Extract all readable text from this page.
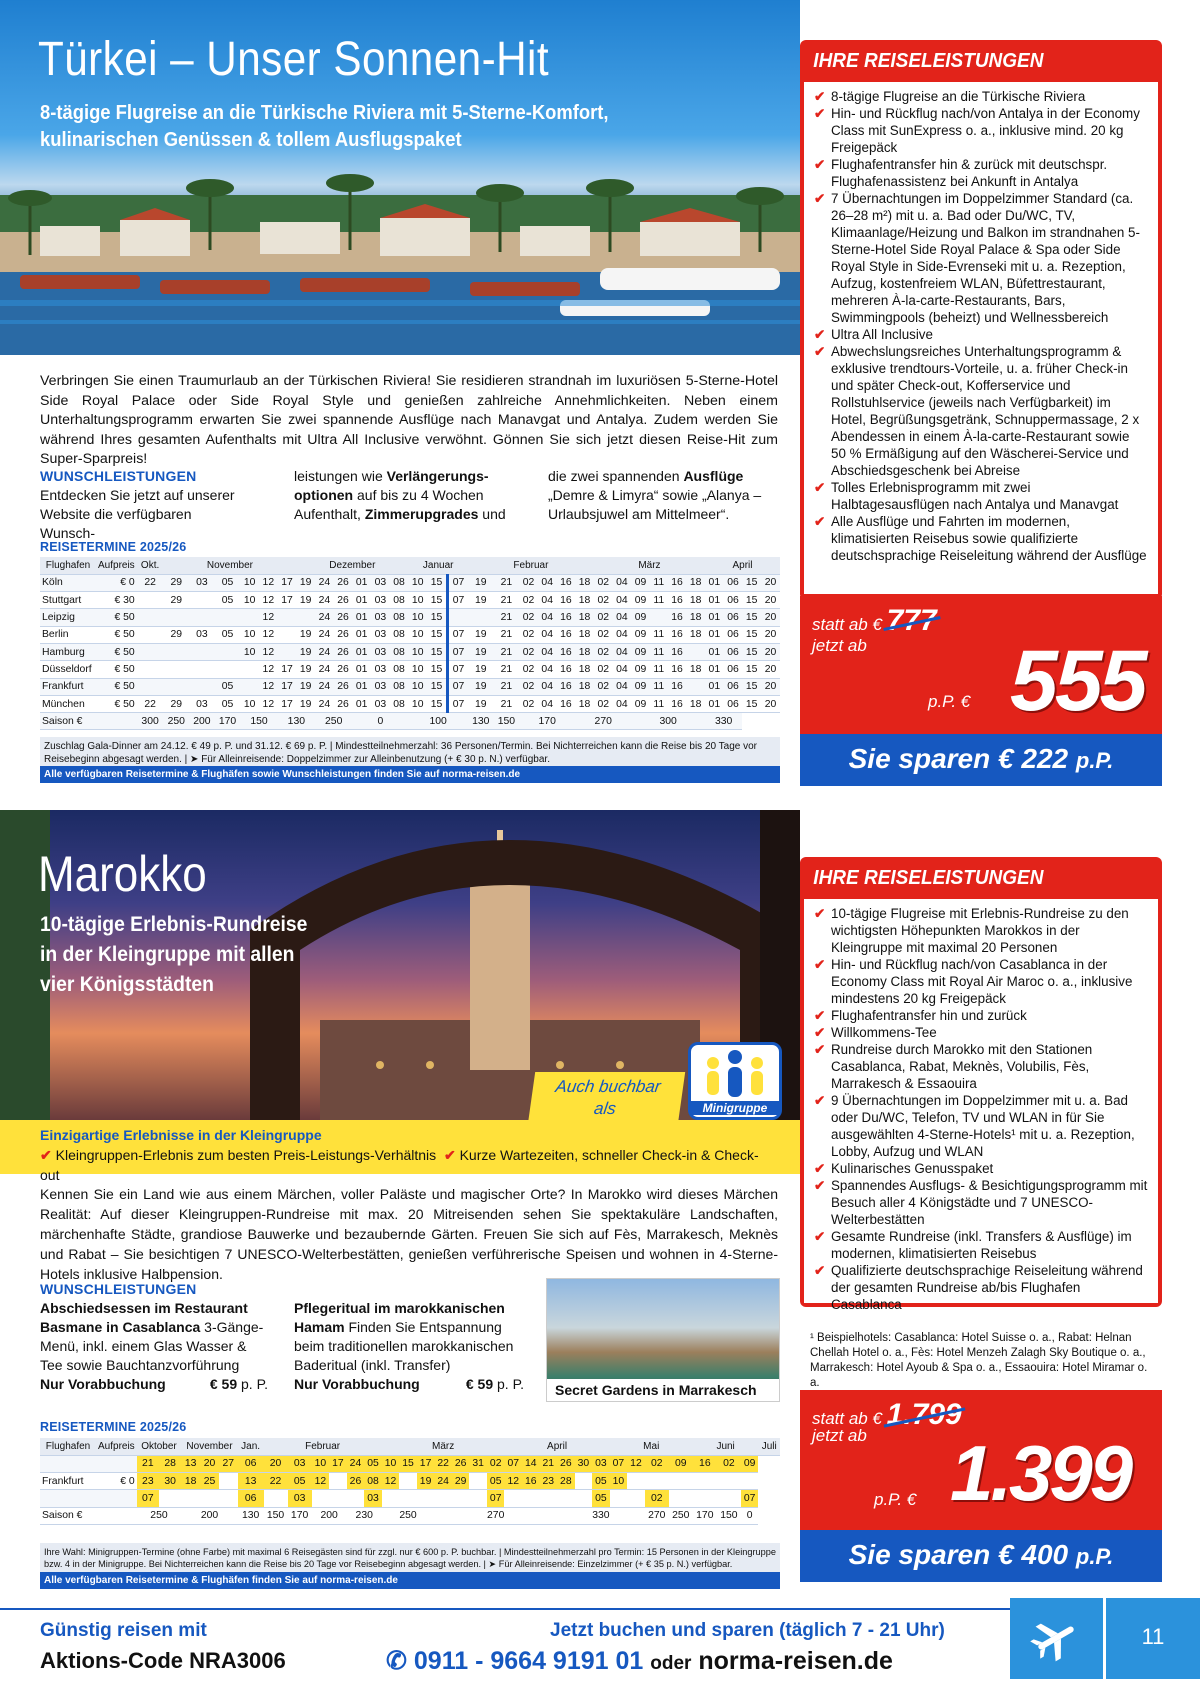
Türkei – Unser Sonnen-Hit
8-tägige Flugreise an die Türkische Riviera mit 5-Sterne-Komfort,
kulinarischen Genüssen & tollem Ausflugspaket
Verbringen Sie einen Traumurlaub an der Türkischen Riviera! Sie residieren strandnah im luxuriösen 5-Sterne-Hotel Side Royal Palace oder Side Royal Style und genießen zahlreiche Annehmlichkeiten. Neben einem Unterhaltungsprogramm erwarten Sie zwei spannende Ausflüge nach Manavgat und Antalya. Zudem werden Sie während Ihres gesamten Aufenthalts mit Ultra All Inclusive verwöhnt. Gönnen Sie sich jetzt diesen Reise-Hit zum Super-Sparpreis!
WUNSCHLEISTUNGEN
Entdecken Sie jetzt auf unserer Website die verfügbaren Wunsch-
leistungen wie Verlängerungs-optionen auf bis zu 4 Wochen Aufenthalt, Zimmerupgrades und
die zwei spannenden Ausflüge „Demre & Limyra“ sowie „Alanya – Urlaubsjuwel am Mittelmeer“.
REISETERMINE 2025/26
Flughafen	Aufpreis	Okt.	November						Dezember						Januar			Februar						März						April			
Köln	€ 0	22	29	03	05	10	12	17	19	24	26	01	03	08	10	15	07	19	21	02	04	16	18	02	04	09	11	16	18	01	06	15	20
Stuttgart	€ 30		29		05	10	12	17	19	24	26	01	03	08	10	15	07	19	21	02	04	16	18	02	04	09	11	16	18	01	06	15	20
Leipzig	€ 50						12			24	26	01	03	08	10	15			21	02	04	16	18	02	04	09		16	18	01	06	15	20
Berlin	€ 50		29	03	05	10	12		19	24	26	01	03	08	10	15	07	19	21	02	04	16	18	02	04	09	11	16	18	01	06	15	20
Hamburg	€ 50					10	12		19	24	26	01	03	08	10	15	07	19	21	02	04	16	18	02	04	09	11	16		01	06	15	20
Düsseldorf	€ 50						12	17	19	24	26	01	03	08	10	15	07	19	21	02	04	16	18	02	04	09	11	16	18	01	06	15	20
Frankfurt	€ 50				05		12	17	19	24	26	01	03	08	10	15	07	19	21	02	04	16	18	02	04	09	11	16		01	06	15	20
München	€ 50	22	29	03	05	10	12	17	19	24	26	01	03	08	10	15	07	19	21	02	04	16	18	02	04	09	11	16	18	01	06	15	20
Saison €		300	250	200	170	150		130		250		0			100			130	150	170			270			300				330			
Zuschlag Gala-Dinner am 24.12. € 49 p. P. und 31.12. € 69 p. P. | Mindestteilnehmerzahl: 36 Personen/Termin. Bei Nichterreichen kann die Reise bis 20 Tage vor Reisebeginn abgesagt werden. | ➤ Für Alleinreisende: Doppelzimmer zur Alleinbenutzung (+ € 30 p. N.) verfügbar.
Alle verfügbaren Reisetermine & Flughäfen sowie Wunschleistungen finden Sie auf norma-reisen.de
IHRE REISELEISTUNGEN
✔ 8-tägige Flugreise an die Türkische Riviera
✔ Hin- und Rückflug nach/von Antalya in der Economy Class mit SunExpress o. a., inklusive mind. 20 kg Freigepäck
✔ Flughafentransfer hin & zurück mit deutschspr. Flughafenassistenz bei Ankunft in Antalya
✔ 7 Übernachtungen im Doppelzimmer Standard (ca. 26–28 m²) mit u. a. Bad oder Du/WC, TV, Klimaanlage/Heizung und Balkon im strandnahen 5-Sterne-Hotel Side Royal Palace & Spa oder Side Royal Style in Side-Evrenseki mit u. a. Rezeption, Aufzug, kostenfreiem WLAN, Büfettrestaurant, mehreren À-la-carte-Restaurants, Bars, Swimmingpools (beheizt) und Wellnessbereich
✔ Ultra All Inclusive
✔ Abwechslungsreiches Unterhaltungsprogramm & exklusive trendtours-Vorteile, u. a. früher Check-in und später Check-out, Kofferservice und Rollstuhlservice (jeweils nach Verfügbarkeit) im Hotel, Begrüßungsgetränk, Schnuppermassage, 2 x Abendessen in einem À-la-carte-Restaurant sowie 50 % Ermäßigung auf den Wäscherei-Service und Abschiedsgeschenk bei Abreise
✔ Tolles Erlebnisprogramm mit zwei Halbtagesausflügen nach Antalya und Manavgat
✔ Alle Ausflüge und Fahrten im modernen, klimatisierten Reisebus sowie qualifizierte deutschsprachige Reiseleitung während der Ausflüge
statt ab € 777
jetzt ab
p.P. € 555
Sie sparen € 222 p.P.
Marokko
10-tägige Erlebnis-Rundreise
in der Kleingruppe mit allen
vier Königsstädten
Auch buchbar als	Minigruppe
Einzigartige Erlebnisse in der Kleingruppe
✔ Kleingruppen-Erlebnis zum besten Preis-Leistungs-Verhältnis ✔ Kurze Wartezeiten, schneller Check-in & Check-out
Kennen Sie ein Land wie aus einem Märchen, voller Paläste und magischer Orte? In Marokko wird dieses Märchen Realität: Auf dieser Kleingruppen-Rundreise mit max. 20 Mitreisenden sehen Sie spektakuläre Landschaften, märchenhafte Städte, grandiose Bauwerke und bezaubernde Gärten. Freuen Sie sich auf Fès, Marrakesch, Meknès und Rabat – Sie besichtigen 7 UNESCO-Welterbestätten, genießen verführerische Speisen und wohnen in 4-Sterne-Hotels inklusive Halbpension.
WUNSCHLEISTUNGEN
Abschiedsessen im Restaurant Basmane in Casablanca 3-Gänge-Menü, inkl. einem Glas Wasser & Tee sowie Bauchtanzvorführung
Nur Vorabbuchung	€ 59 p. P.
Pflegeritual im marokkanischen Hamam Finden Sie Entspannung beim traditionellen marokkanischen Baderitual (inkl. Transfer)
Nur Vorabbuchung	€ 59 p. P.	Secret Gardens in Marrakesch
REISETERMINE 2025/26
Flughafen	Aufpreis	Oktober		November			Jan.	Februar						März							April						Mai				Juni			Juli
		21	28	13	20	27	06	20	03	10	17	24	05	10	15	17	22	26	31	02	07	14	21	26	30	03	07	12	02	09	16	02	09	
Frankfurt	€ 0	23	30	18	25		13	22	05	12		26	08	12		19	24	29		05	12	16	23	28		05	10							
		07					06		03				03							07						05			02				07	
Saison €		250		200			130	150	170	200		230		250			270							330					270	250	170	150	0	
Ihre Wahl: Minigruppen-Termine (ohne Farbe) mit maximal 6 Reisegästen sind für zzgl. nur € 600 p. P. buchbar. | Mindestteilnehmerzahl pro Termin: 15 Personen in der Kleingruppe bzw. 4 in der Minigruppe. Bei Nichterreichen kann die Reise bis 20 Tage vor Reisebeginn abgesagt werden. | ➤ Für Alleinreisende: Einzelzimmer (+ € 35 p. N.) verfügbar.
Alle verfügbaren Reisetermine & Flughäfen finden Sie auf norma-reisen.de
IHRE REISELEISTUNGEN
✔ 10-tägige Flugreise mit Erlebnis-Rundreise zu den wichtigsten Höhepunkten Marokkos in der Kleingruppe mit maximal 20 Personen
✔ Hin- und Rückflug nach/von Casablanca in der Economy Class mit Royal Air Maroc o. a., inklusive mindestens 20 kg Freigepäck
✔ Flughafentransfer hin und zurück
✔ Willkommens-Tee
✔ Rundreise durch Marokko mit den Stationen Casablanca, Rabat, Meknès, Volubilis, Fès, Marrakesch & Essaouira
✔ 9 Übernachtungen im Doppelzimmer mit u. a. Bad oder Du/WC, Telefon, TV und WLAN in für Sie ausgewählten 4-Sterne-Hotels¹ mit u. a. Rezeption, Lobby, Aufzug und WLAN
✔ Kulinarisches Genusspaket
✔ Spannendes Ausflugs- & Besichtigungsprogramm mit Besuch aller 4 Königstädte und 7 UNESCO-Welterbestätten
✔ Gesamte Rundreise (inkl. Transfers & Ausflüge) im modernen, klimatisierten Reisebus
✔ Qualifizierte deutschsprachige Reiseleitung während der gesamten Rundreise ab/bis Flughafen Casablanca
statt ab € 1.799
jetzt ab
p.P. € 1.399
Sie sparen € 400 p.P.
¹ Beispielhotels: Casablanca: Hotel Suisse o. a., Rabat: Helnan Chellah Hotel o. a., Fès: Hotel Menzeh Zalagh Sky Boutique o. a., Marrakesch: Hotel Ayoub & Spa o. a., Essaouira: Hotel Miramar o. a.
Günstig reisen mit
Aktions-Code NRA3006
Jetzt buchen und sparen (täglich 7 - 21 Uhr)
✆ 0911 - 9664 9191 01 oder norma-reisen.de
11
